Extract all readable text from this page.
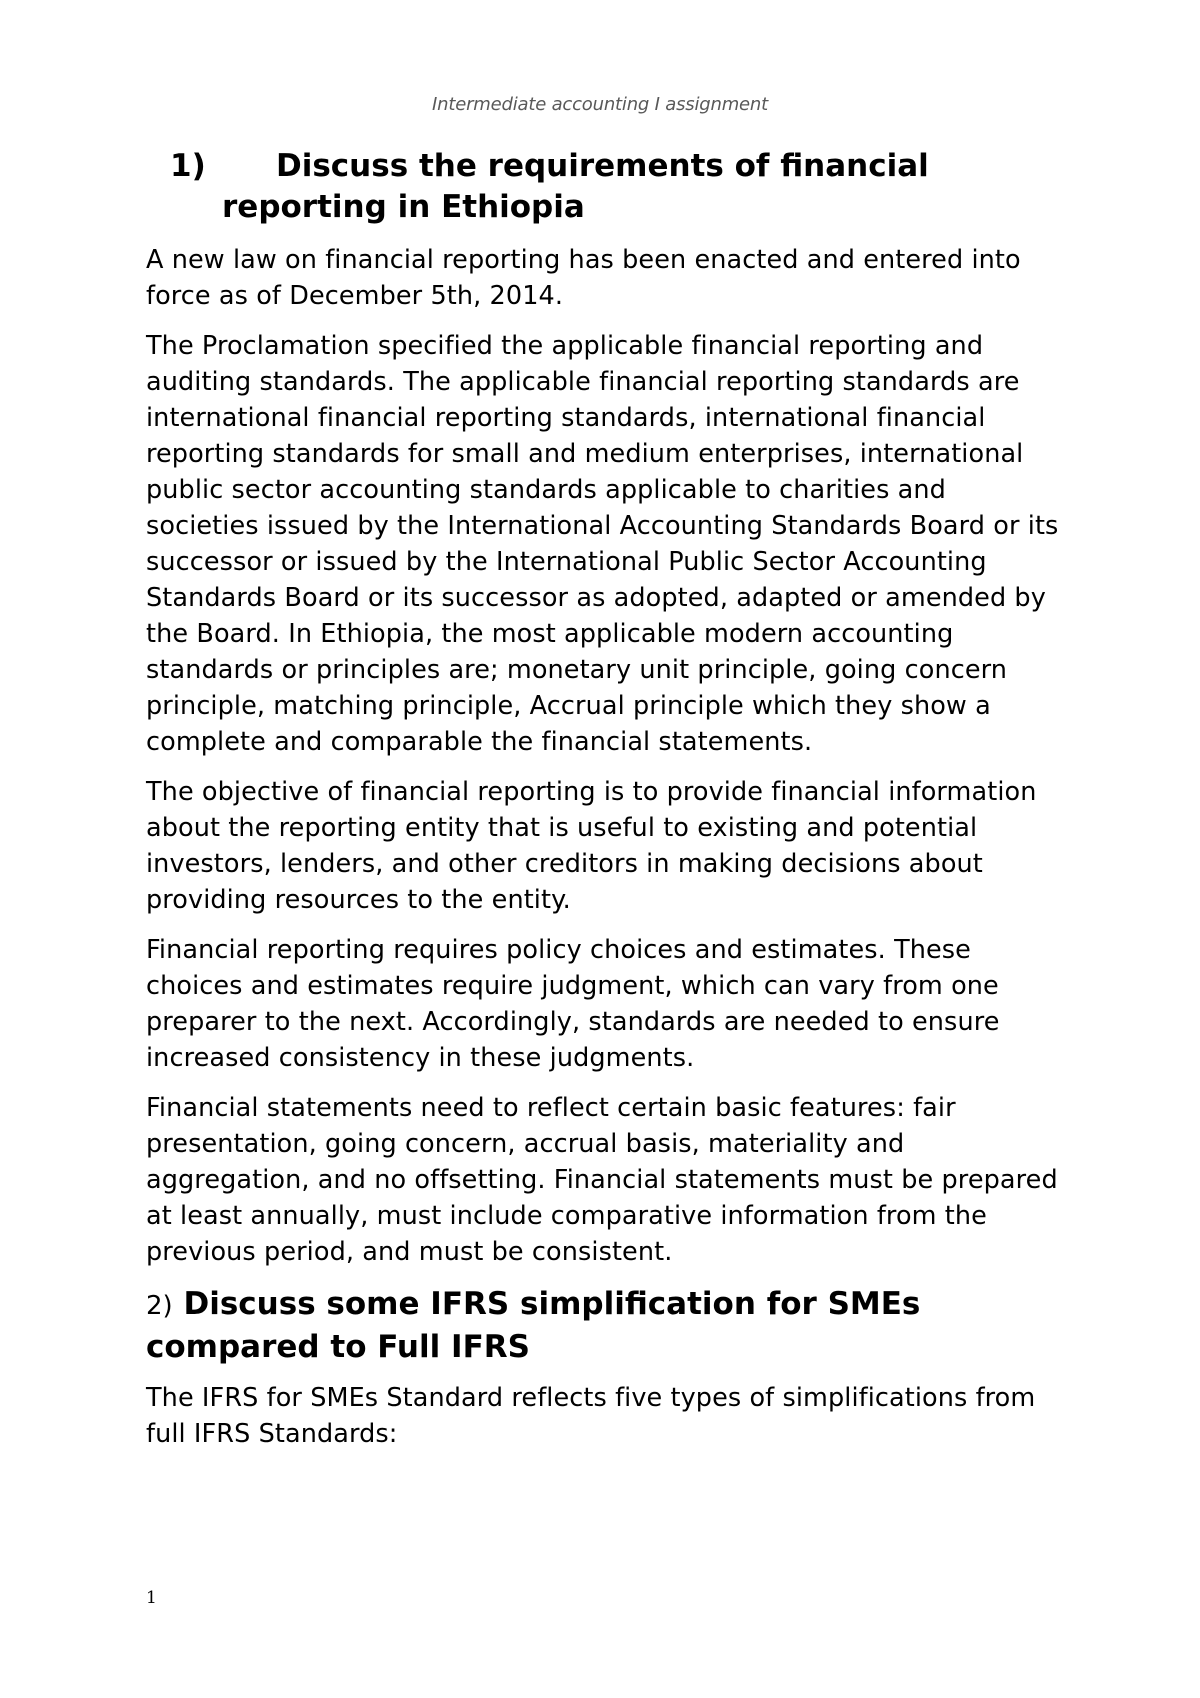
Intermediate accounting I assignment
1)	Discuss the requirements of financial
reporting in Ethiopia

A new law on financial reporting has been enacted and entered into force as of December 5th, 2014.

The Proclamation specified the applicable financial reporting and auditing standards. The applicable financial reporting standards are international financial reporting standards, international financial reporting standards for small and medium enterprises, international public sector accounting standards applicable to charities and societies issued by the International Accounting Standards Board or its successor or issued by the International Public Sector Accounting Standards Board or its successor as adopted, adapted or amended by the Board. In Ethiopia, the most applicable modern accounting standards or principles are; monetary unit principle, going concern principle, matching principle, Accrual principle which they show a complete and comparable the financial statements.

The objective of financial reporting is to provide financial information about the reporting entity that is useful to existing and potential investors, lenders, and other creditors in making decisions about providing resources to the entity.

Financial reporting requires policy choices and estimates. These choices and estimates require judgment, which can vary from one preparer to the next. Accordingly, standards are needed to ensure increased consistency in these judgments.

Financial statements need to reflect certain basic features: fair presentation, going concern, accrual basis, materiality and aggregation, and no offsetting. Financial statements must be prepared at least annually, must include comparative information from the previous period, and must be consistent.

2) Discuss some IFRS simplification for SMEs compared to Full IFRS

The IFRS for SMEs Standard reflects five types of simplifications from full IFRS Standards:

1
